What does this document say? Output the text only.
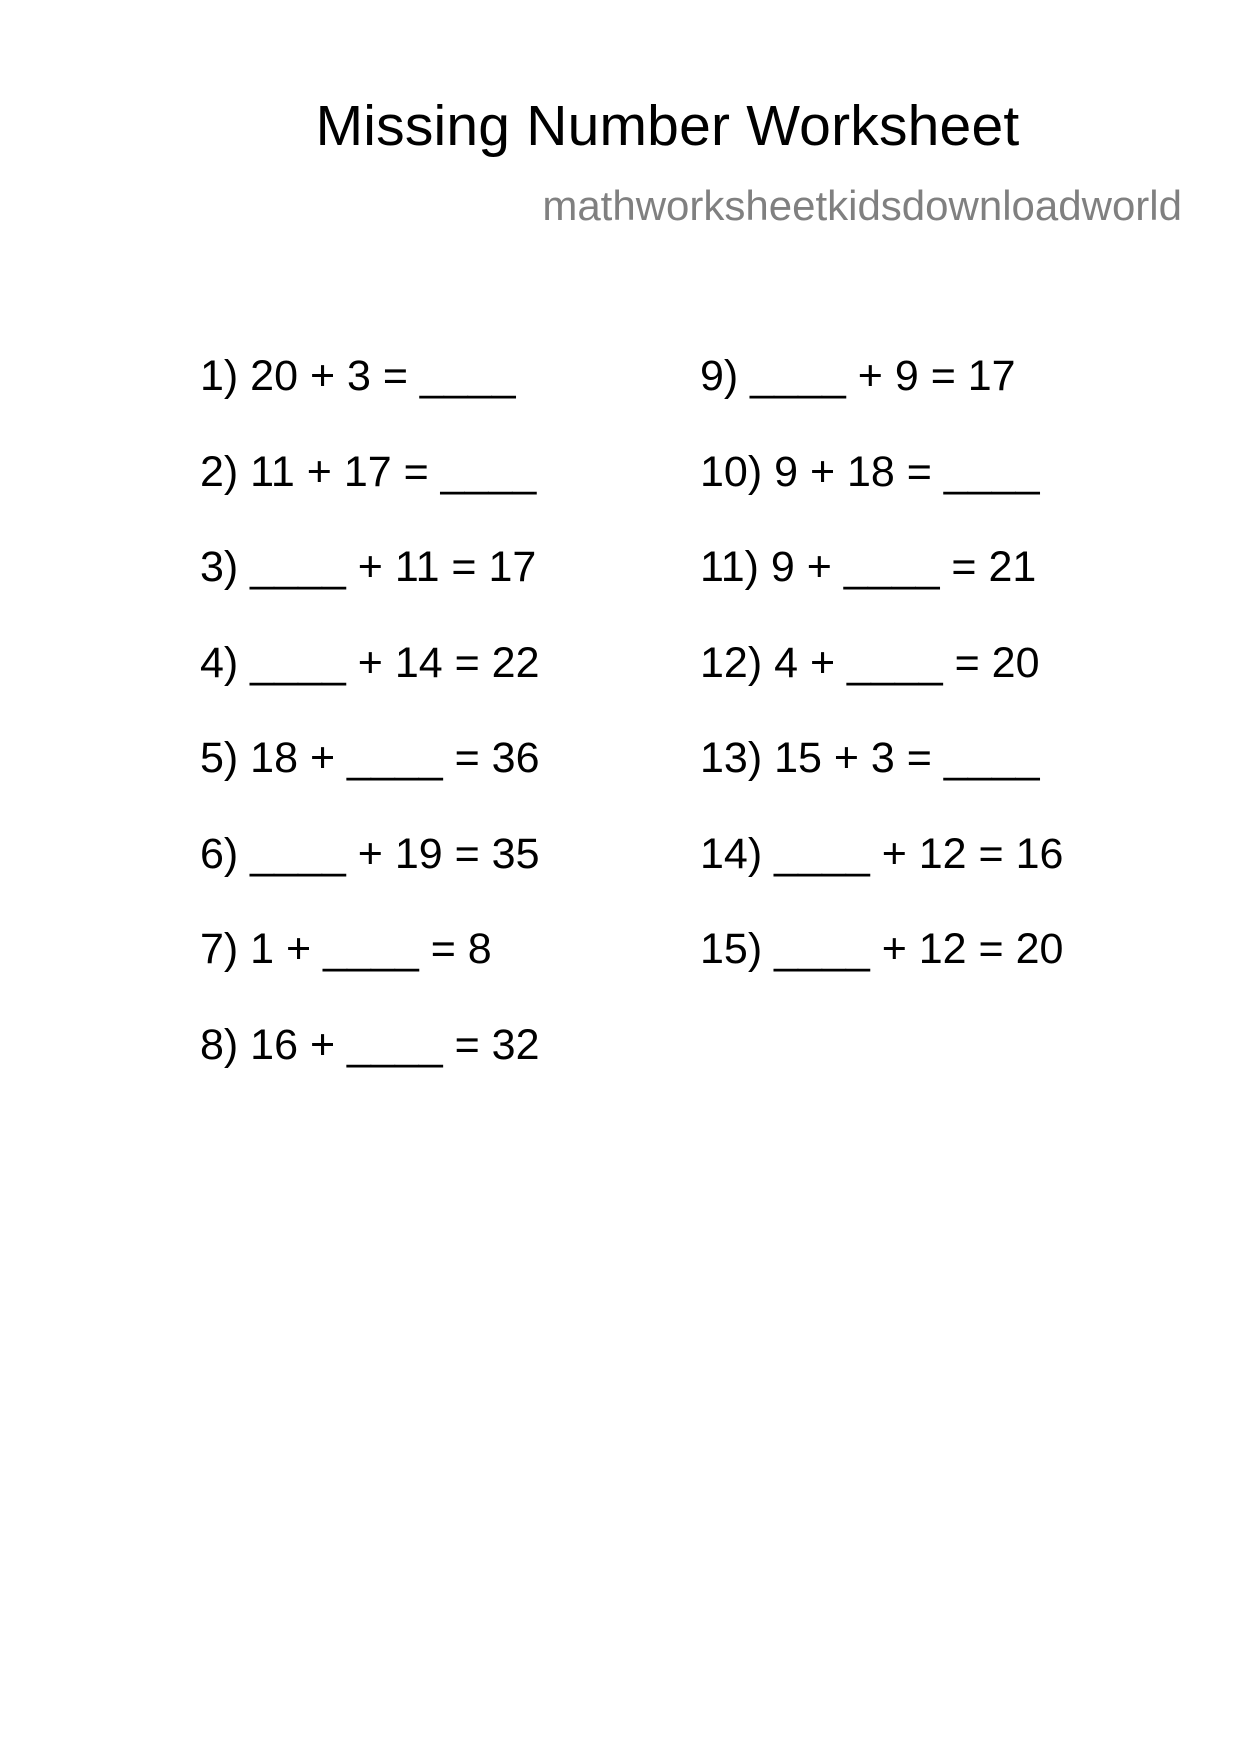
Missing Number Worksheet
mathworksheetkidsdownloadworld
1) 20 + 3 = ____
2) 11 + 17 = ____
3) ____ + 11 = 17
4) ____ + 14 = 22
5) 18 + ____ = 36
6) ____ + 19 = 35
7) 1 + ____ = 8
8) 16 + ____ = 32
9) ____ + 9 = 17
10) 9 + 18 = ____
11) 9 + ____ = 21
12) 4 + ____ = 20
13) 15 + 3 = ____
14) ____ + 12 = 16
15) ____ + 12 = 20
